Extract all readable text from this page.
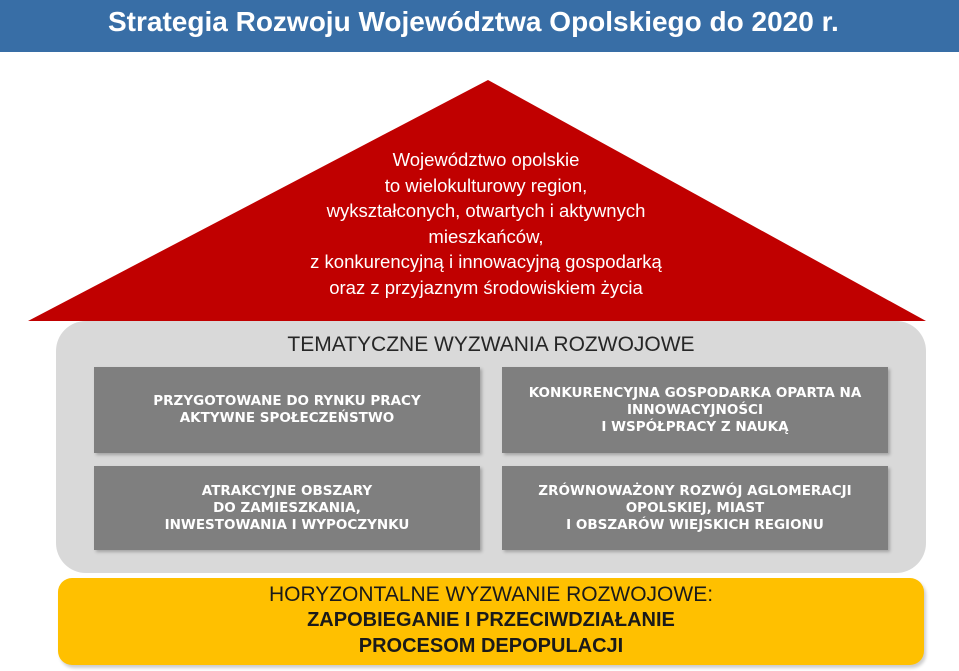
Strategia Rozwoju Województwa Opolskiego do 2020 r.
Województwo opolskie
to wielokulturowy region,
wykształconych, otwartych i aktywnych
mieszkańców,
z konkurencyjną i innowacyjną gospodarką
oraz z przyjaznym środowiskiem życia
TEMATYCZNE WYZWANIA ROZWOJOWE
PRZYGOTOWANE DO RYNKU PRACY
AKTYWNE SPOŁECZEŃSTWO
KONKURENCYJNA GOSPODARKA OPARTA NA
INNOWACYJNOŚCI
I WSPÓŁPRACY Z NAUKĄ
ATRAKCYJNE OBSZARY
DO ZAMIESZKANIA,
INWESTOWANIA I WYPOCZYNKU
ZRÓWNOWAŻONY ROZWÓJ AGLOMERACJI
OPOLSKIEJ, MIAST
I OBSZARÓW WIEJSKICH REGIONU
HORYZONTALNE WYZWANIE ROZWOJOWE:
ZAPOBIEGANIE I PRZECIWDZIAŁANIE
PROCESOM DEPOPULACJI
